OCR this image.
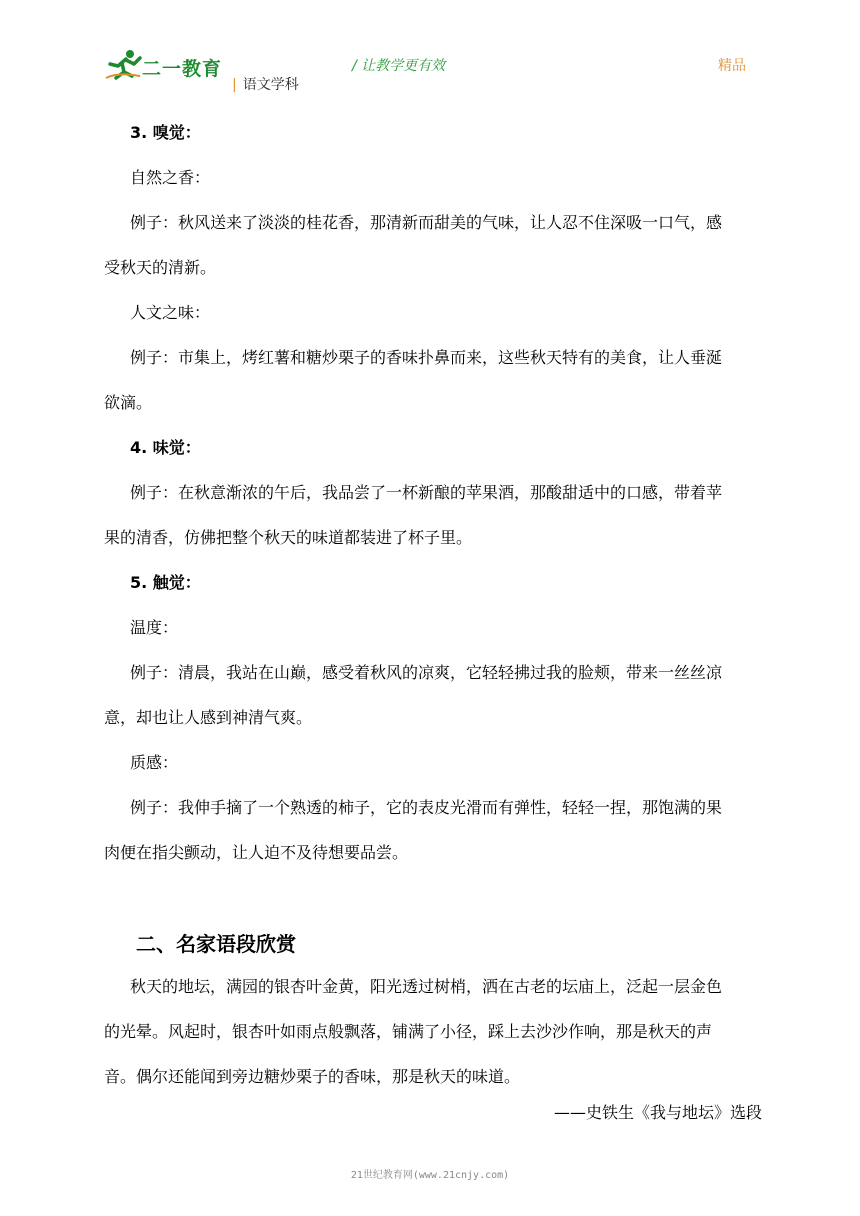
二一教育
| 语文学科
/ 让教学更有效	精品

3. 嗅觉：

自然之香：

例子：秋风送来了淡淡的桂花香，那清新而甜美的气味，让人忍不住深吸一口气，感

受秋天的清新。

人文之味：

例子：市集上，烤红薯和糖炒栗子的香味扑鼻而来，这些秋天特有的美食，让人垂涎

欲滴。

4. 味觉：

例子：在秋意渐浓的午后，我品尝了一杯新酿的苹果酒，那酸甜适中的口感，带着苹

果的清香，仿佛把整个秋天的味道都装进了杯子里。

5. 触觉：

温度：

例子：清晨，我站在山巅，感受着秋风的凉爽，它轻轻拂过我的脸颊，带来一丝丝凉

意，却也让人感到神清气爽。

质感：

例子：我伸手摘了一个熟透的柿子，它的表皮光滑而有弹性，轻轻一捏，那饱满的果

肉便在指尖颤动，让人迫不及待想要品尝。

二、名家语段欣赏

秋天的地坛，满园的银杏叶金黄，阳光透过树梢，洒在古老的坛庙上，泛起一层金色

的光晕。风起时，银杏叶如雨点般飘落，铺满了小径，踩上去沙沙作响，那是秋天的声

音。偶尔还能闻到旁边糖炒栗子的香味，那是秋天的味道。

——史铁生《我与地坛》选段
21世纪教育网(www.21cnjy.com)
